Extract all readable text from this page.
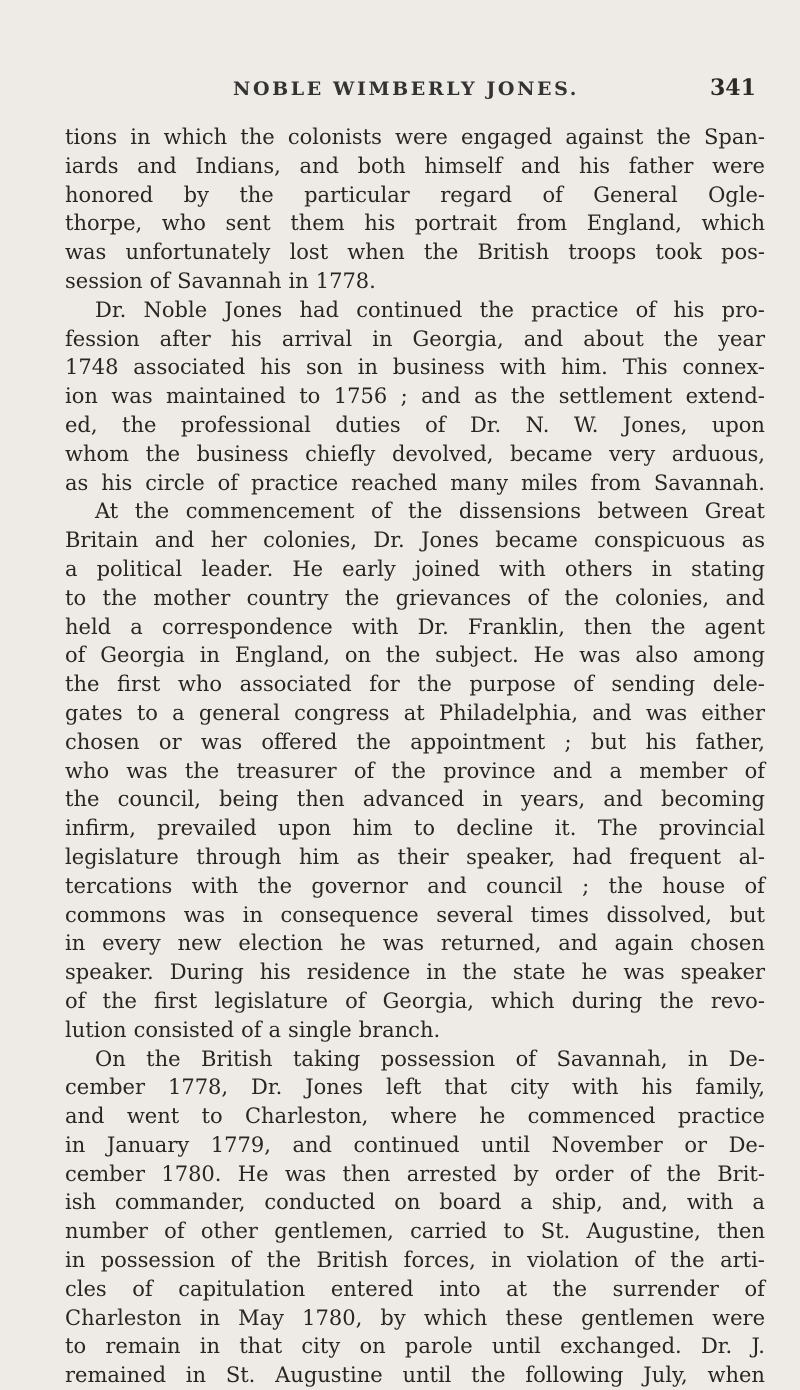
NOBLE WIMBERLY JONES.	341
tions in which the colonists were engaged against the Span-
iards and Indians, and both himself and his father were
honored by the particular regard of General Ogle-
thorpe, who sent them his portrait from England, which
was unfortunately lost when the British troops took pos-
session of Savannah in 1778.
Dr. Noble Jones had continued the practice of his pro-
fession after his arrival in Georgia, and about the year
1748 associated his son in business with him. This connex-
ion was maintained to 1756 ; and as the settlement extend-
ed, the professional duties of Dr. N. W. Jones, upon
whom the business chiefly devolved, became very arduous,
as his circle of practice reached many miles from Savannah.
At the commencement of the dissensions between Great
Britain and her colonies, Dr. Jones became conspicuous as
a political leader. He early joined with others in stating
to the mother country the grievances of the colonies, and
held a correspondence with Dr. Franklin, then the agent
of Georgia in England, on the subject. He was also among
the first who associated for the purpose of sending dele-
gates to a general congress at Philadelphia, and was either
chosen or was offered the appointment ; but his father,
who was the treasurer of the province and a member of
the council, being then advanced in years, and becoming
infirm, prevailed upon him to decline it. The provincial
legislature through him as their speaker, had frequent al-
tercations with the governor and council ; the house of
commons was in consequence several times dissolved, but
in every new election he was returned, and again chosen
speaker. During his residence in the state he was speaker
of the first legislature of Georgia, which during the revo-
lution consisted of a single branch.
On the British taking possession of Savannah, in De-
cember 1778, Dr. Jones left that city with his family,
and went to Charleston, where he commenced practice
in January 1779, and continued until November or De-
cember 1780. He was then arrested by order of the Brit-
ish commander, conducted on board a ship, and, with a
number of other gentlemen, carried to St. Augustine, then
in possession of the British forces, in violation of the arti-
cles of capitulation entered into at the surrender of
Charleston in May 1780, by which these gentlemen were
to remain in that city on parole until exchanged. Dr. J.
remained in St. Augustine until the following July, when
